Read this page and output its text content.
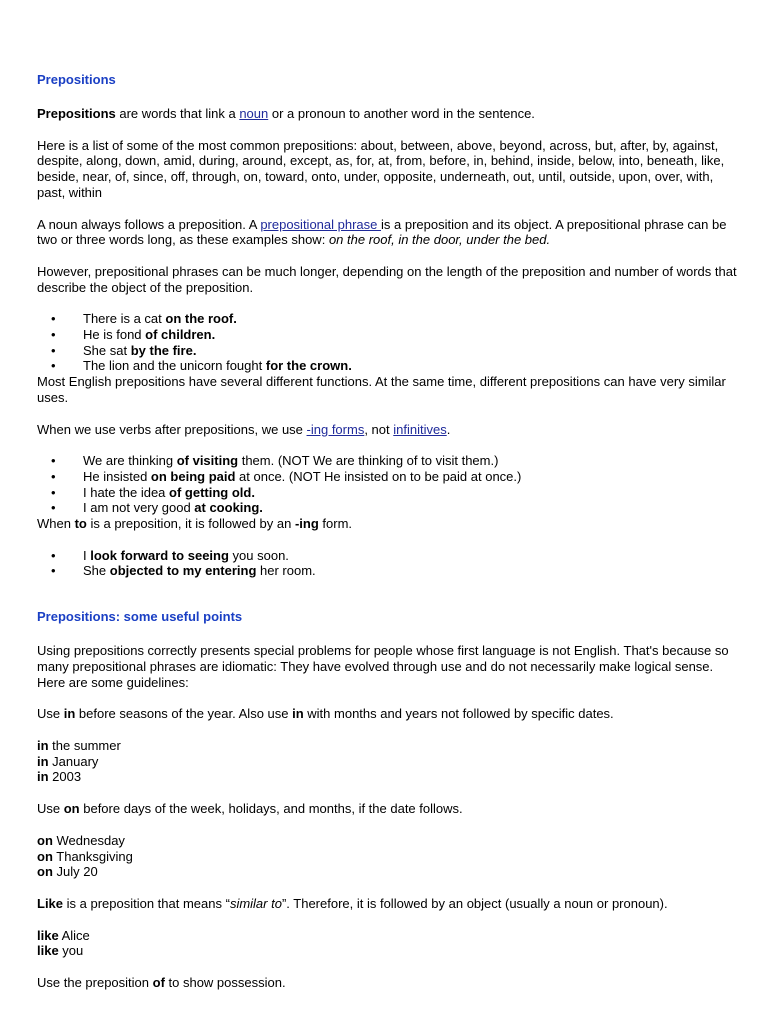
Prepositions

Prepositions are words that link a noun or a pronoun to another word in the sentence.

Here is a list of some of the most common prepositions: about, between, above, beyond, across, but, after, by, against, despite, along, down, amid, during, around, except, as, for, at, from, before, in, behind, inside, below, into, beneath, like, beside, near, of, since, off, through, on, toward, onto, under, opposite, underneath, out, until, outside, upon, over, with, past, within

A noun always follows a preposition. A prepositional phrase is a preposition and its object. A prepositional phrase can be two or three words long, as these examples show: on the roof, in the door, under the bed.

However, prepositional phrases can be much longer, depending on the length of the preposition and number of words that describe the object of the preposition.

• There is a cat on the roof.
• He is fond of children.
• She sat by the fire.
• The lion and the unicorn fought for the crown.

Most English prepositions have several different functions. At the same time, different prepositions can have very similar uses.

When we use verbs after prepositions, we use -ing forms, not infinitives.

• We are thinking of visiting them. (NOT We are thinking of to visit them.)
• He insisted on being paid at once. (NOT He insisted on to be paid at once.)
• I hate the idea of getting old.
• I am not very good at cooking.

When to is a preposition, it is followed by an -ing form.

• I look forward to seeing you soon.
• She objected to my entering her room.
Prepositions: some useful points

Using prepositions correctly presents special problems for people whose first language is not English. That's because so many prepositional phrases are idiomatic: They have evolved through use and do not necessarily make logical sense. Here are some guidelines:

Use in before seasons of the year. Also use in with months and years not followed by specific dates.

in the summer
in January
in 2003

Use on before days of the week, holidays, and months, if the date follows.

on Wednesday
on Thanksgiving
on July 20

Like is a preposition that means “similar to”. Therefore, it is followed by an object (usually a noun or pronoun).

like Alice
like you

Use the preposition of to show possession.
